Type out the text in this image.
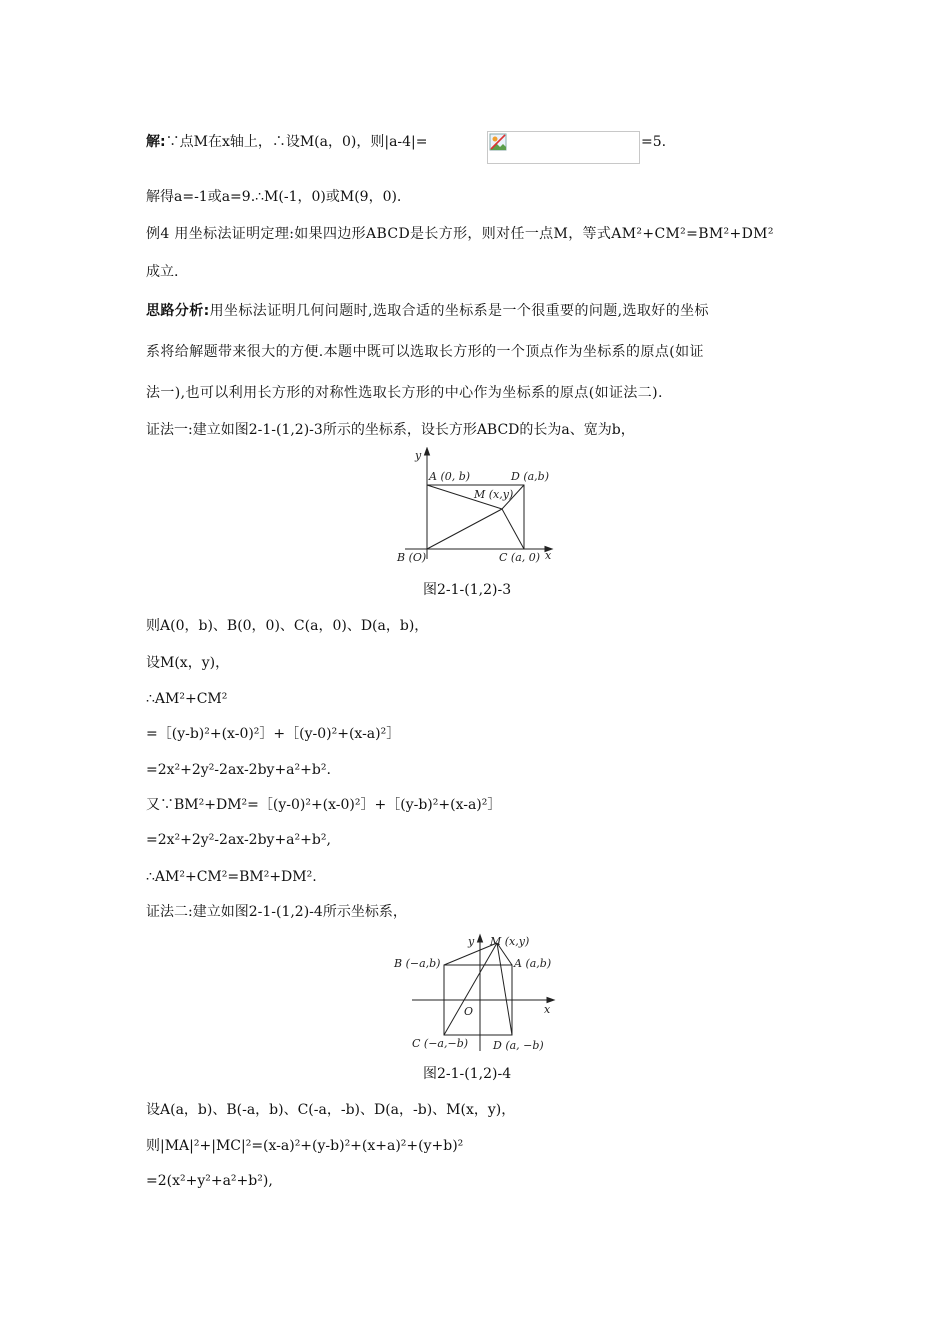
解:∵点M在x轴上，∴设M(a，0)，则|a-4|=	=5.
解得a=-1或a=9.∴M(-1，0)或M(9，0).
例4 用坐标法证明定理:如果四边形ABCD是长方形，则对任一点M，等式AM²+CM²=BM²+DM²
成立.
思路分析:用坐标法证明几何问题时,选取合适的坐标系是一个很重要的问题,选取好的坐标
系将给解题带来很大的方便.本题中既可以选取长方形的一个顶点作为坐标系的原点(如证
法一),也可以利用长方形的对称性选取长方形的中心作为坐标系的原点(如证法二).
证法一:建立如图2-1-(1,2)-3所示的坐标系，设长方形ABCD的长为a、宽为b，
y
x
A (0, b)	D (a,b)
M (x,y)
B (O)	C (a, 0)
图2-1-(1,2)-3
则A(0，b)、B(0，0)、C(a，0)、D(a，b)，
设M(x，y)，
∴AM²+CM²
=［(y-b)²+(x-0)²］+［(y-0)²+(x-a)²］
=2x²+2y²-2ax-2by+a²+b².
又∵BM²+DM²=［(y-0)²+(x-0)²］+［(y-b)²+(x-a)²］
=2x²+2y²-2ax-2by+a²+b²,
∴AM²+CM²=BM²+DM².
证法二:建立如图2-1-(1,2)-4所示坐标系，
y
x
M (x,y)
A (a,b)
B (−a,b)
O
C (−a,−b) D (a, −b)
图2-1-(1,2)-4
设A(a，b)、B(-a，b)、C(-a，-b)、D(a，-b)、M(x，y)，
则|MA|²+|MC|²=(x-a)²+(y-b)²+(x+a)²+(y+b)²
=2(x²+y²+a²+b²),
